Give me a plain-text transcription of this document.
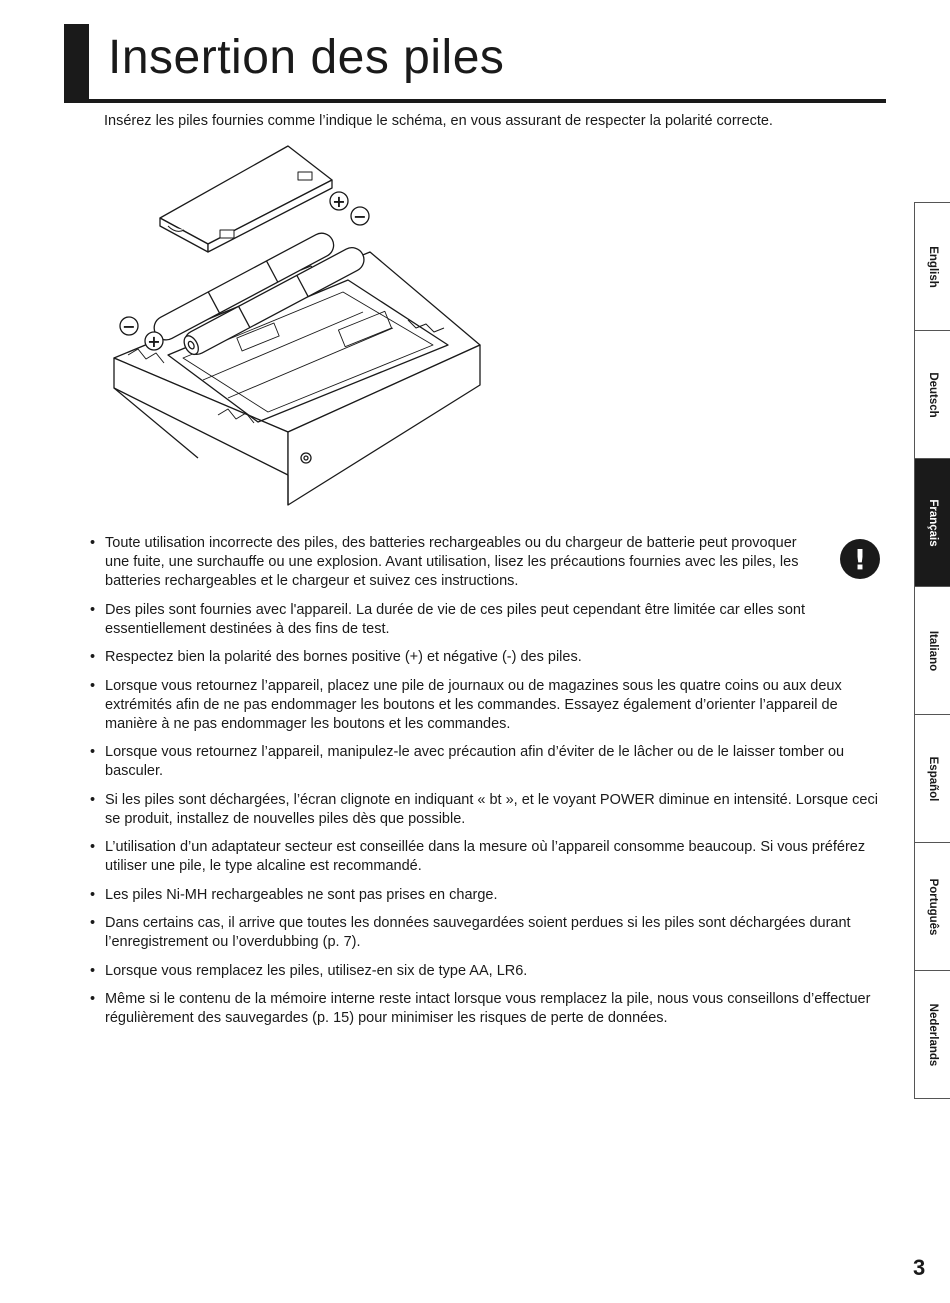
Insertion des piles

Insérez les piles fournies comme l’indique le schéma, en vous assurant de respecter la polarité correcte.

+
−
−
+
!
• Toute utilisation incorrecte des piles, des batteries rechargeables ou du chargeur de batterie peut provoquer une fuite, une surchauffe ou une explosion. Avant utilisation, lisez les précautions fournies avec les piles, les batteries rechargeables et le chargeur et suivez ces instructions.
• Des piles sont fournies avec l'appareil. La durée de vie de ces piles peut cependant être limitée car elles sont essentiellement destinées à des fins de test.
• Respectez bien la polarité des bornes positive (+) et négative (-) des piles.
• Lorsque vous retournez l’appareil, placez une pile de journaux ou de magazines sous les quatre coins ou aux deux extrémités afin de ne pas endommager les boutons et les commandes. Essayez également d’orienter l’appareil de manière à ne pas endommager les boutons et les commandes.
• Lorsque vous retournez l’appareil, manipulez-le avec précaution afin d’éviter de le lâcher ou de le laisser tomber ou basculer.
• Si les piles sont déchargées, l’écran clignote en indiquant « bt », et le voyant POWER diminue en intensité. Lorsque ceci se produit, installez de nouvelles piles dès que possible.
• L’utilisation d’un adaptateur secteur est conseillée dans la mesure où l’appareil consomme beaucoup. Si vous préférez utiliser une pile, le type alcaline est recommandé.
• Les piles Ni-MH rechargeables ne sont pas prises en charge.
• Dans certains cas, il arrive que toutes les données sauvegardées soient perdues si les piles sont déchargées durant l’enregistrement ou l’overdubbing (p. 7).
• Lorsque vous remplacez les piles, utilisez-en six de type AA, LR6.
• Même si le contenu de la mémoire interne reste intact lorsque vous remplacez la pile, nous vous conseillons d’effectuer régulièrement des sauvegardes (p. 15) pour minimiser les risques de perte de données.
English
Deutsch
Français
Italiano
Español
Português
Nederlands
3
